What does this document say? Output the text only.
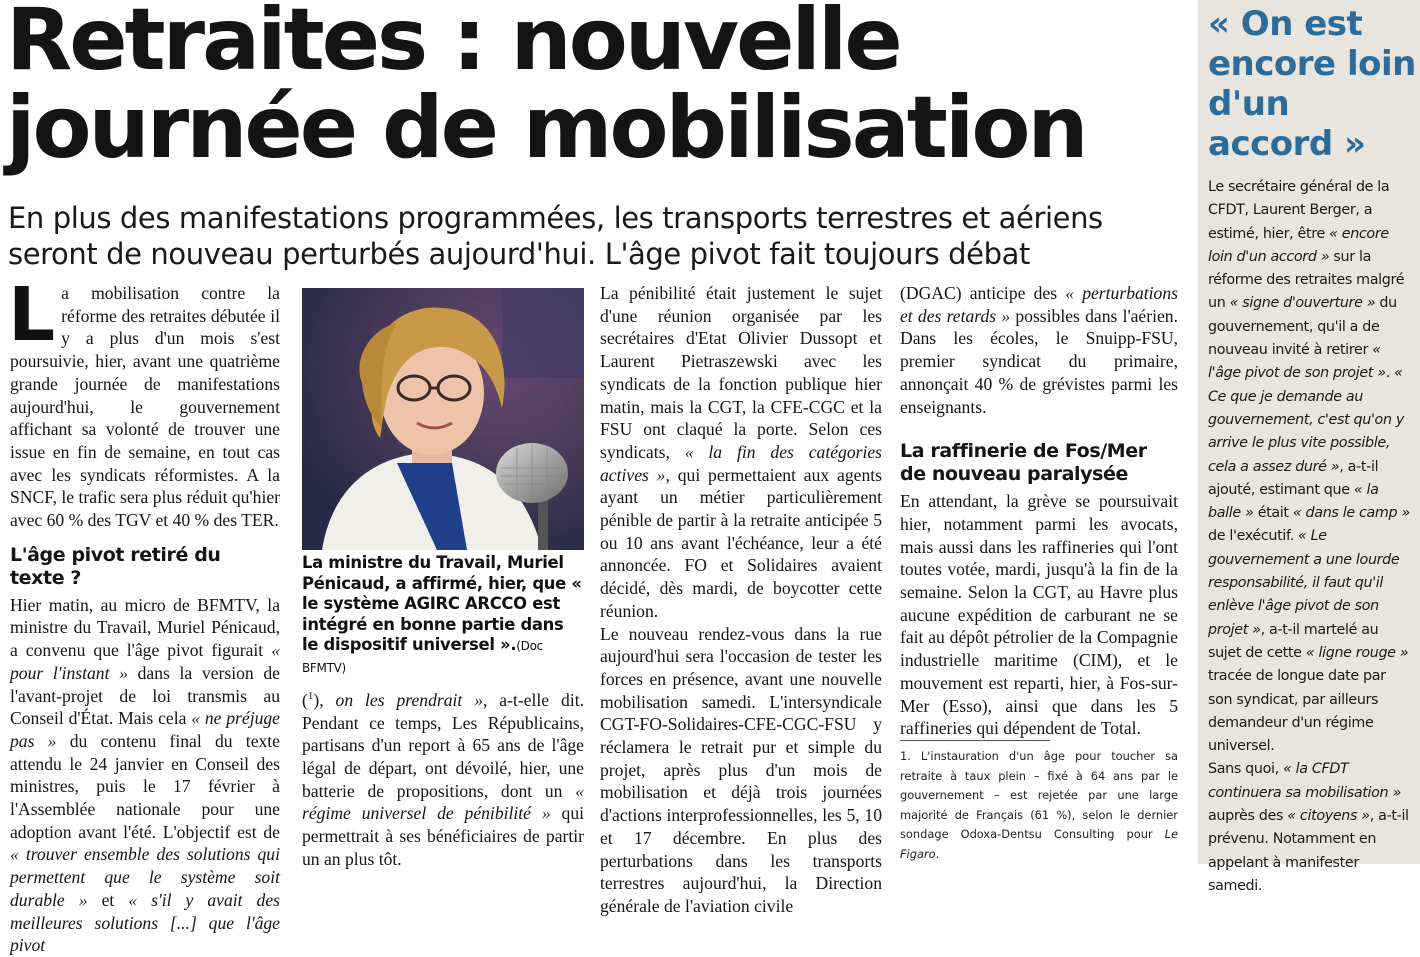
Retraites : nouvelle journée de mobilisation

En plus des manifestations programmées, les transports terrestres et aériens seront de nouveau perturbés aujourd'hui. L'âge pivot fait toujours débat

La mobilisation contre la réforme des retraites débutée il y a plus d'un mois s'est poursuivie, hier, avant une quatrième grande journée de manifestations aujourd'hui, le gouvernement affichant sa volonté de trouver une issue en fin de semaine, en tout cas avec les syndicats réformistes. A la SNCF, le trafic sera plus réduit qu'hier avec 60 % des TGV et 40 % des TER.

L'âge pivot retiré du texte ?

Hier matin, au micro de BFMTV, la ministre du Travail, Muriel Pénicaud, a convenu que l'âge pivot figurait « pour l'instant » dans la version de l'avant-projet de loi transmis au Conseil d'État. Mais cela « ne préjuge pas » du contenu final du texte attendu le 24 janvier en Conseil des ministres, puis le 17 février à l'Assemblée nationale pour une adoption avant l'été. L'objectif est de « trouver ensemble des solutions qui permettent que le système soit durable » et « s'il y avait des meilleures solutions [...] que l'âge pivot

La ministre du Travail, Muriel Pénicaud, a affirmé, hier, que « le système AGIRC ARCCO est intégré en bonne partie dans le dispositif universel ».(Doc BFMTV)

($^1$), on les prendrait », a-t-elle dit. Pendant ce temps, Les Républicains, partisans d'un report à 65 ans de l'âge légal de départ, ont dévoilé, hier, une batterie de propositions, dont un « régime universel de pénibilité » qui permettrait à ses bénéficiaires de partir un an plus tôt.

La pénibilité était justement le sujet d'une réunion organisée par les secrétaires d'Etat Olivier Dussopt et Laurent Pietraszewski avec les syndicats de la fonction publique hier matin, mais la CGT, la CFE-CGC et la FSU ont claqué la porte. Selon ces syndicats, « la fin des catégories actives », qui permettaient aux agents ayant un métier particulièrement pénible de partir à la retraite anticipée 5 ou 10 ans avant l'échéance, leur a été annoncée. FO et Solidaires avaient décidé, dès mardi, de boycotter cette réunion.

Le nouveau rendez-vous dans la rue aujourd'hui sera l'occasion de tester les forces en présence, avant une nouvelle mobilisation samedi. L'intersyndicale CGT-FO-Solidaires-CFE-CGC-FSU y réclamera le retrait pur et simple du projet, après plus d'un mois de mobilisation et déjà trois journées d'actions interprofessionnelles, les 5, 10 et 17 décembre. En plus des perturbations dans les transports terrestres aujourd'hui, la Direction générale de l'aviation civile

(DGAC) anticipe des « perturbations et des retards » possibles dans l'aérien. Dans les écoles, le Snuipp-FSU, premier syndicat du primaire, annonçait 40 % de grévistes parmi les enseignants.

La raffinerie de Fos/Mer de nouveau paralysée

En attendant, la grève se poursuivait hier, notamment parmi les avocats, mais aussi dans les raffineries qui l'ont toutes votée, mardi, jusqu'à la fin de la semaine. Selon la CGT, au Havre plus aucune expédition de carburant ne se fait au dépôt pétrolier de la Compagnie industrielle maritime (CIM), et le mouvement est reparti, hier, à Fos-sur-Mer (Esso), ainsi que dans les 5 raffineries qui dépendent de Total.

1. L'instauration d'un âge pour toucher sa retraite à taux plein – fixé à 64 ans par le gouvernement – est rejetée par une large majorité de Français (61 %), selon le dernier sondage Odoxa-Dentsu Consulting pour Le Figaro.

« On est encore loin d'un accord »

Le secrétaire général de la CFDT, Laurent Berger, a estimé, hier, être « encore loin d'un accord » sur la réforme des retraites malgré un « signe d'ouverture » du gouvernement, qu'il a de nouveau invité à retirer « l'âge pivot de son projet ». « Ce que je demande au gouvernement, c'est qu'on y arrive le plus vite possible, cela a assez duré », a-t-il ajouté, estimant que « la balle » était « dans le camp » de l'exécutif. « Le gouvernement a une lourde responsabilité, il faut qu'il enlève l'âge pivot de son projet », a-t-il martelé au sujet de cette « ligne rouge » tracée de longue date par son syndicat, par ailleurs demandeur d'un régime universel.

Sans quoi, « la CFDT continuera sa mobilisation » auprès des « citoyens », a-t-il prévenu. Notamment en appelant à manifester samedi.
